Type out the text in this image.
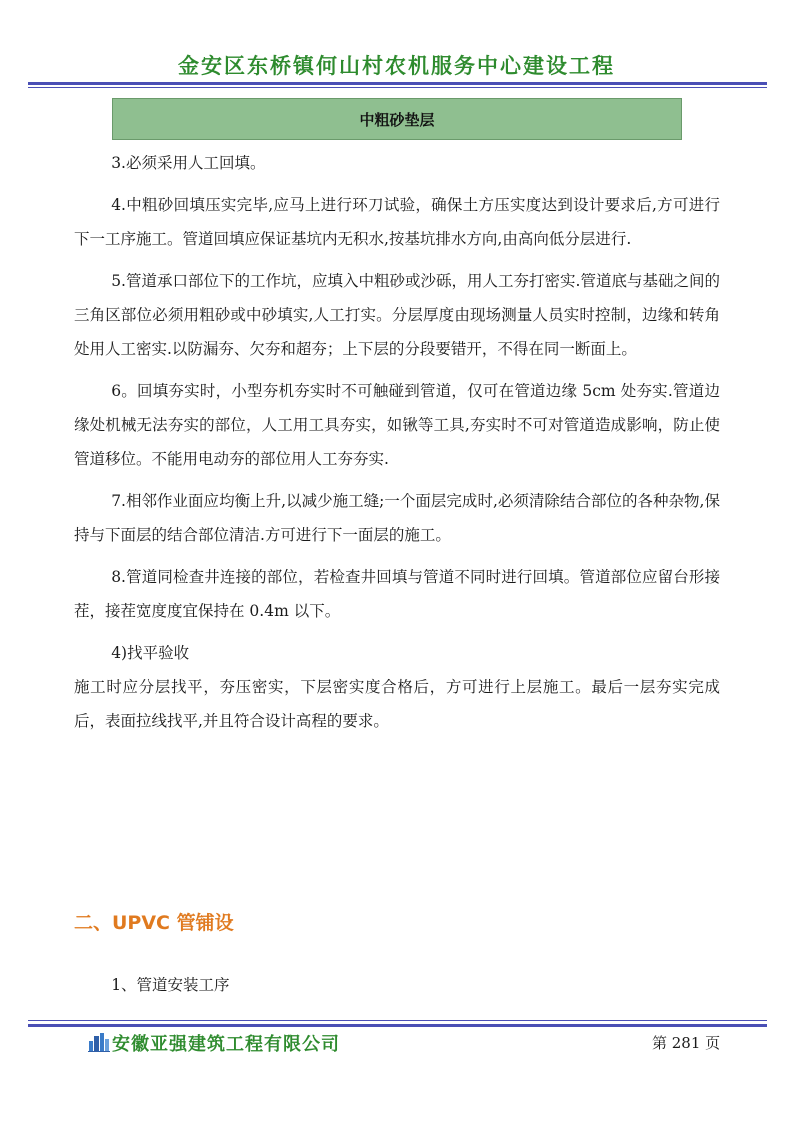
金安区东桥镇何山村农机服务中心建设工程
中粗砂垫层

3.必须采用人工回填。

4.中粗砂回填压实完毕,应马上进行环刀试验，确保土方压实度达到设计要求后,方可进行下一工序施工。管道回填应保证基坑内无积水,按基坑排水方向,由高向低分层进行.

5.管道承口部位下的工作坑，应填入中粗砂或沙砾，用人工夯打密实.管道底与基础之间的三角区部位必须用粗砂或中砂填实,人工打实。分层厚度由现场测量人员实时控制，边缘和转角处用人工密实.以防漏夯、欠夯和超夯；上下层的分段要错开，不得在同一断面上。

6。回填夯实时，小型夯机夯实时不可触碰到管道，仅可在管道边缘 5cm 处夯实.管道边缘处机械无法夯实的部位，人工用工具夯实，如锹等工具,夯实时不可对管道造成影响，防止使管道移位。不能用电动夯的部位用人工夯夯实.

7.相邻作业面应均衡上升,以减少施工缝;一个面层完成时,必须清除结合部位的各种杂物,保持与下面层的结合部位清洁.方可进行下一面层的施工。

8.管道同检查井连接的部位，若检查井回填与管道不同时进行回填。管道部位应留台形接茬，接茬宽度度宜保持在 0.4m 以下。

4)找平验收

施工时应分层找平，夯压密实，下层密实度合格后，方可进行上层施工。最后一层夯实完成后，表面拉线找平,并且符合设计高程的要求。

二、UPVC 管铺设
1、管道安装工序
安徽亚强建筑工程有限公司	第 281 页
